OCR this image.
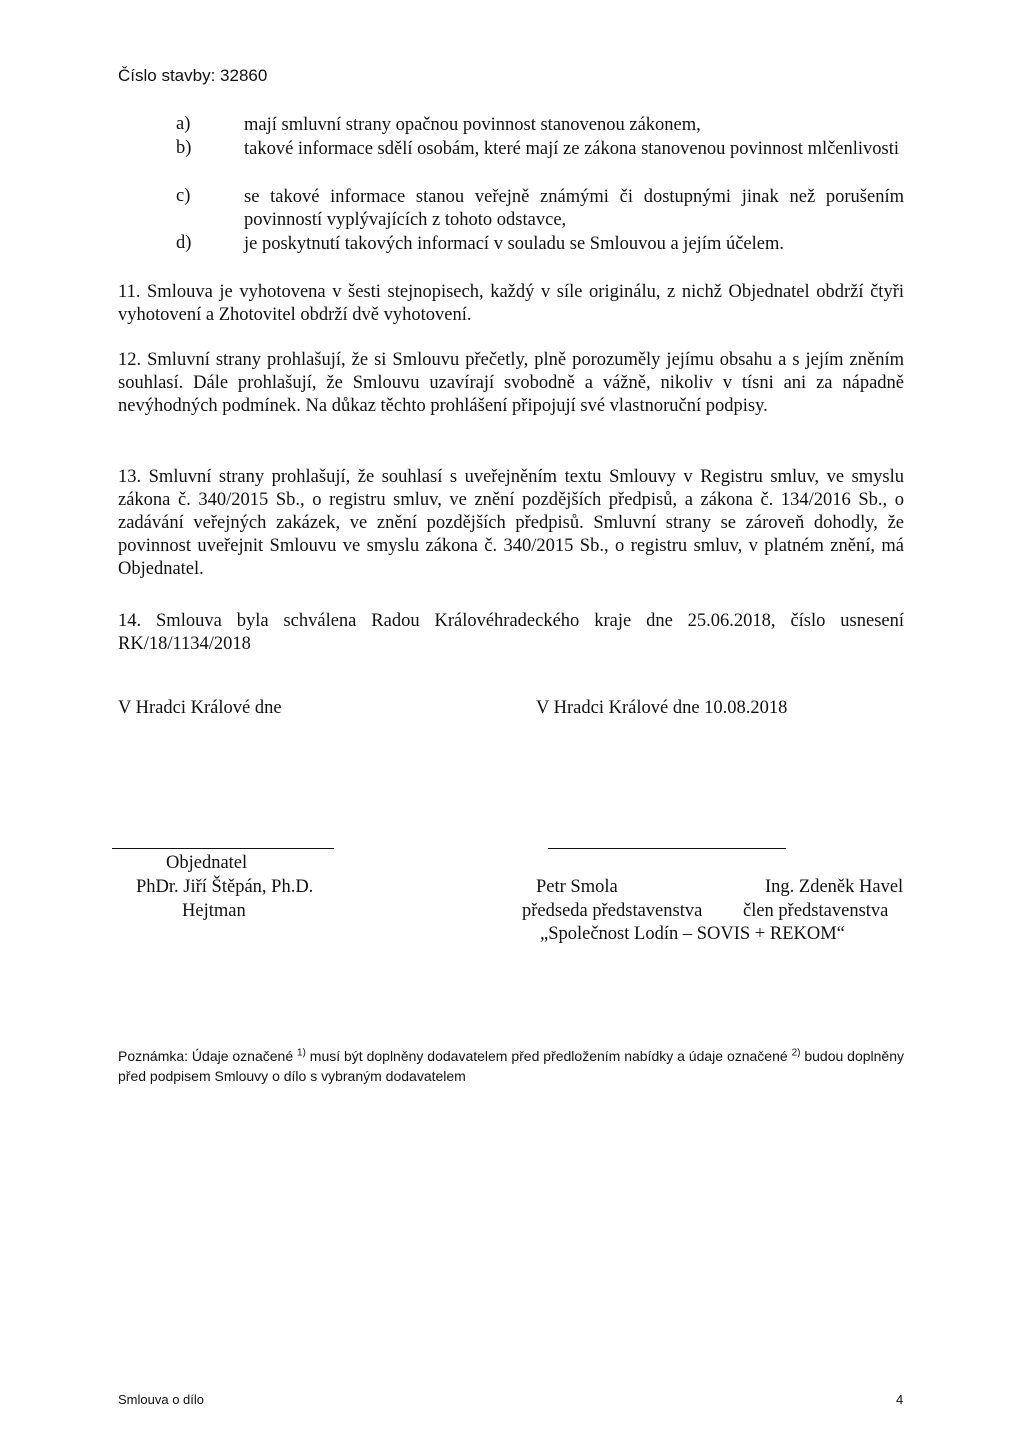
Číslo stavby: 32860
a)	mají smluvní strany opačnou povinnost stanovenou zákonem,
b)	takové informace sdělí osobám, které mají ze zákona stanovenou povinnost mlčenlivosti
c)	se takové informace stanou veřejně známými či dostupnými jinak než porušením povinností vyplývajících z tohoto odstavce,
d)	je poskytnutí takových informací v souladu se Smlouvou a jejím účelem.
11. Smlouva je vyhotovena v šesti stejnopisech, každý v síle originálu, z nichž Objednatel obdrží čtyři vyhotovení a Zhotovitel obdrží dvě vyhotovení.
12. Smluvní strany prohlašují, že si Smlouvu přečetly, plně porozuměly jejímu obsahu a s jejím zněním souhlasí. Dále prohlašují, že Smlouvu uzavírají svobodně a vážně, nikoliv v tísni ani za nápadně nevýhodných podmínek. Na důkaz těchto prohlášení připojují své vlastnoruční podpisy.
13. Smluvní strany prohlašují, že souhlasí s uveřejněním textu Smlouvy v Registru smluv, ve smyslu zákona č. 340/2015 Sb., o registru smluv, ve znění pozdějších předpisů, a zákona č. 134/2016 Sb., o zadávání veřejných zakázek, ve znění pozdějších předpisů. Smluvní strany se zároveň dohodly, že povinnost uveřejnit Smlouvu ve smyslu zákona č. 340/2015 Sb., o registru smluv, v platném znění, má Objednatel.
14. Smlouva byla schválena Radou Královéhradeckého kraje dne 25.06.2018, číslo usnesení RK/18/1134/2018
V Hradci Králové dne	V Hradci Králové dne 10.08.2018
Objednatel
PhDr. Jiří Štěpán, Ph.D.
Hejtman
Petr Smola
předseda představenstva
Ing. Zdeněk Havel
člen představenstva
„Společnost Lodín – SOVIS + REKOM“
Poznámka: Údaje označené $^{1)}$ musí být doplněny dodavatelem před předložením nabídky a údaje označené $^{2)}$ budou doplněny před podpisem Smlouvy o dílo s vybraným dodavatelem
Smlouva o dílo	4
